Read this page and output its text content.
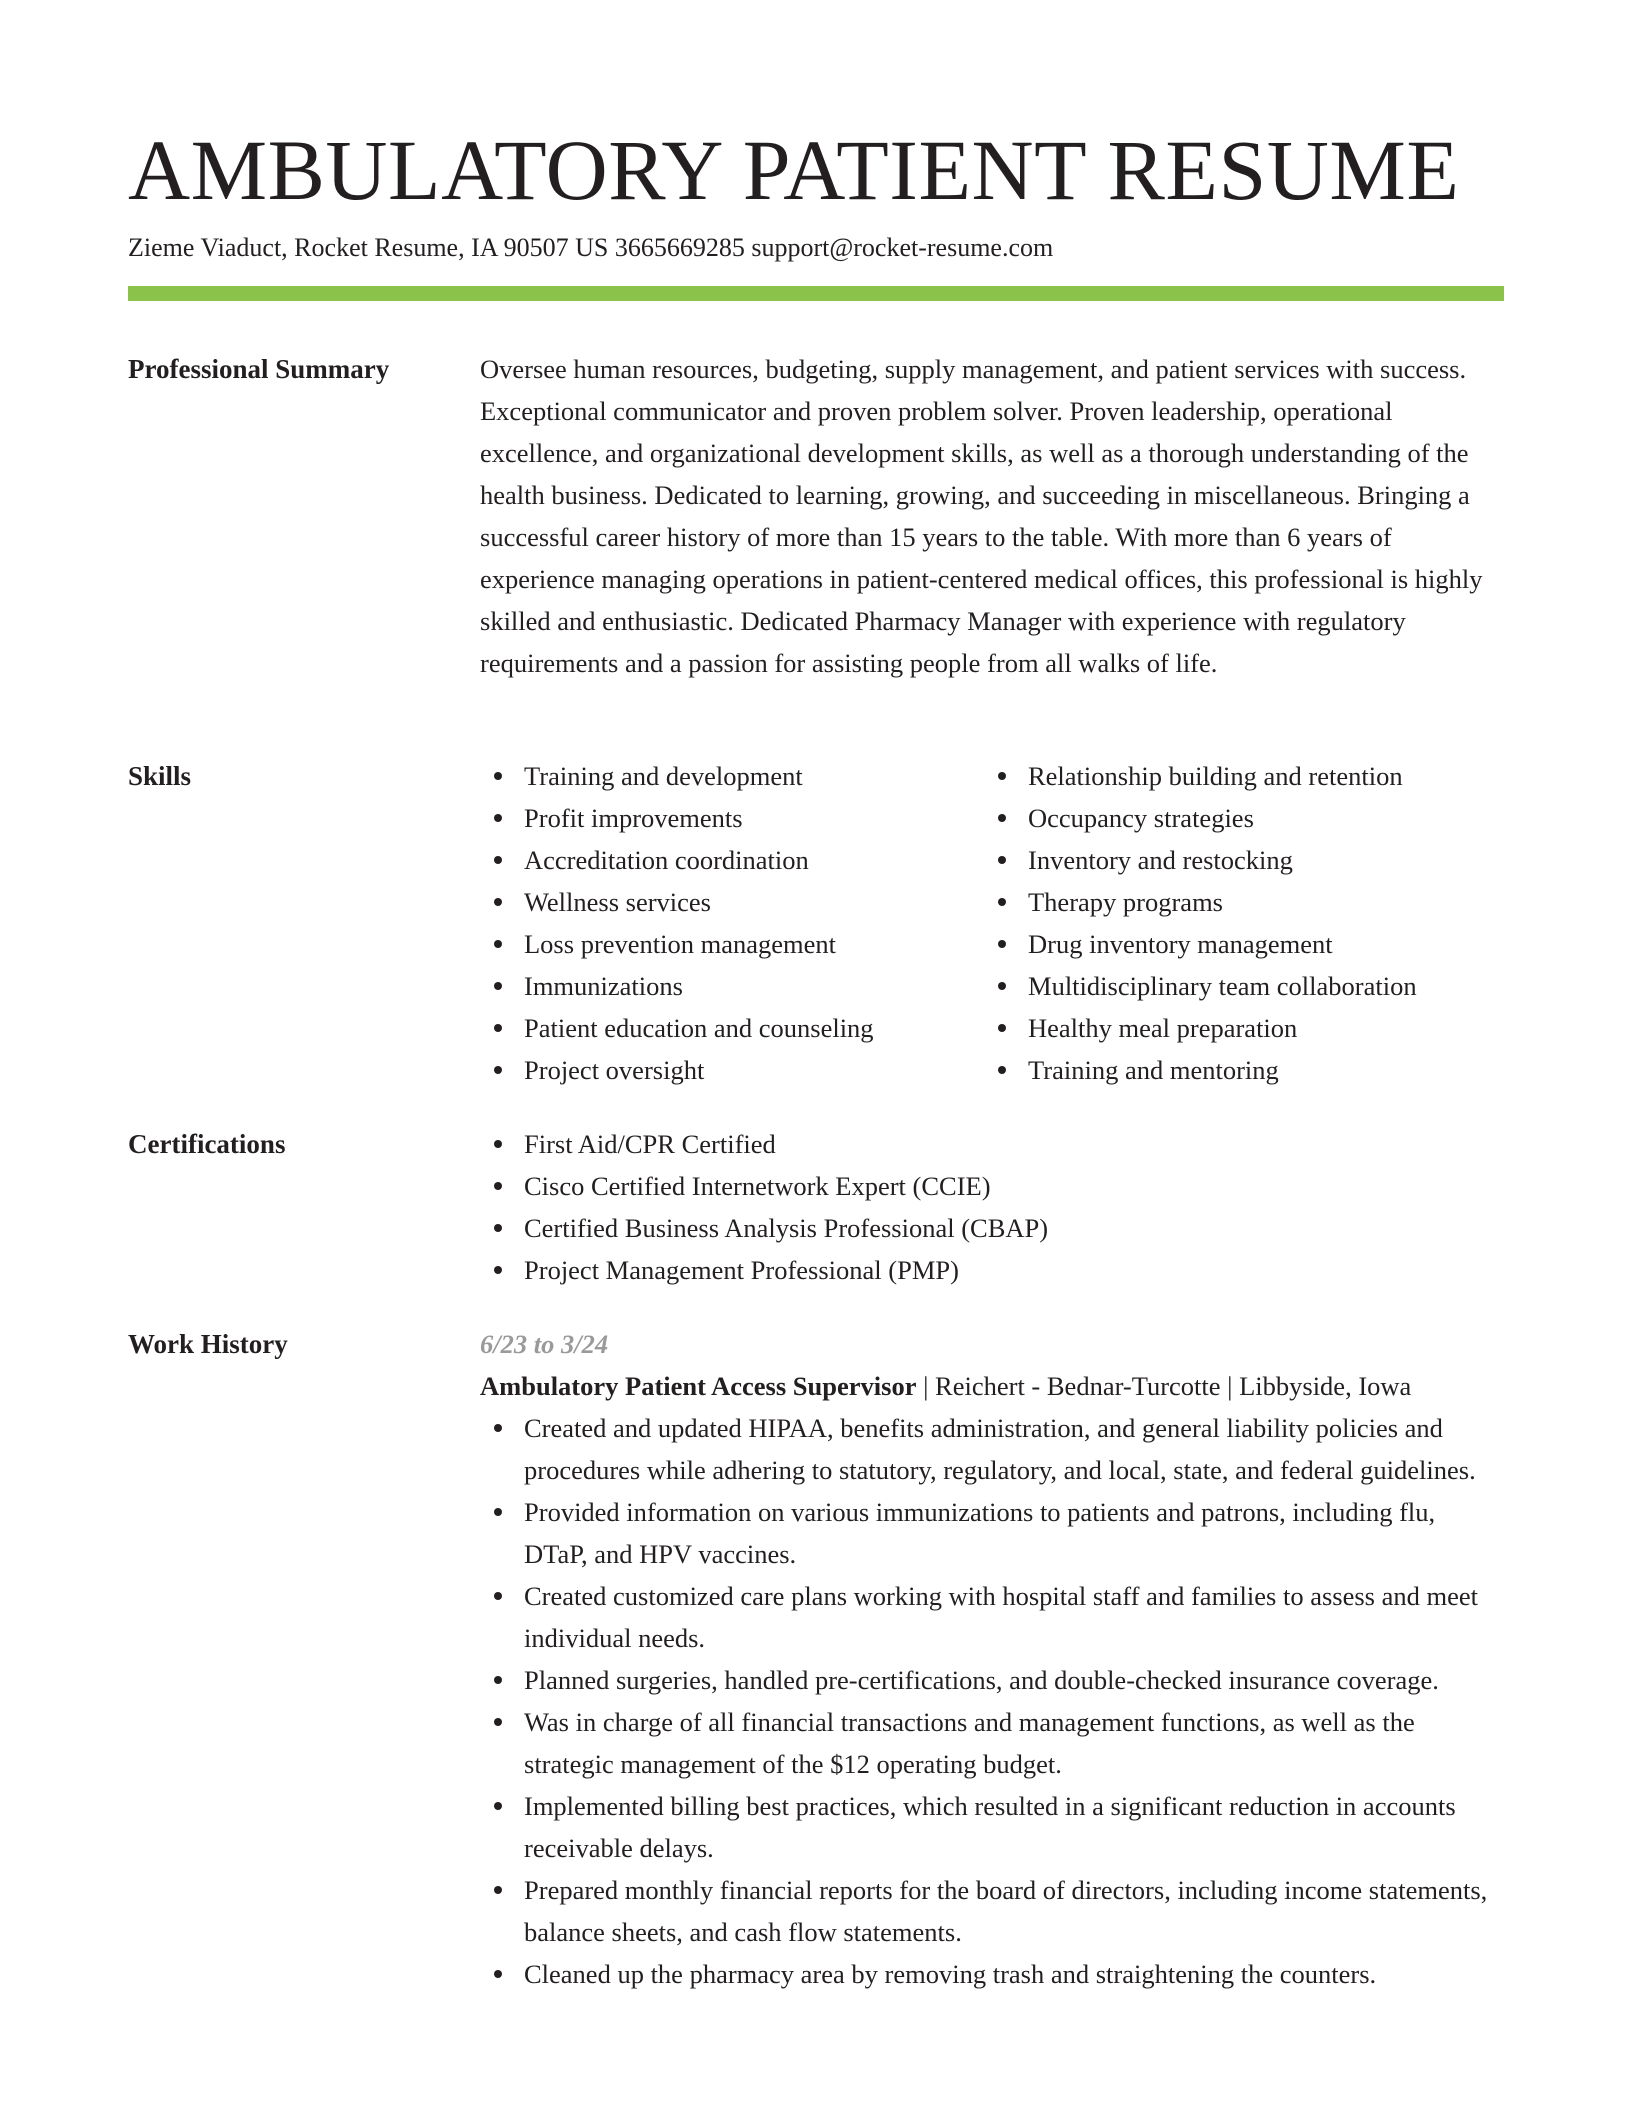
AMBULATORY PATIENT RESUME
Zieme Viaduct, Rocket Resume, IA 90507 US 3665669285 support@rocket-resume.com
Professional Summary	Oversee human resources, budgeting, supply management, and patient services with success. Exceptional communicator and proven problem solver. Proven leadership, operational excellence, and organizational development skills, as well as a thorough understanding of the health business. Dedicated to learning, growing, and succeeding in miscellaneous. Bringing a successful career history of more than 15 years to the table. With more than 6 years of experience managing operations in patient-centered medical offices, this professional is highly skilled and enthusiastic. Dedicated Pharmacy Manager with experience with regulatory requirements and a passion for assisting people from all walks of life.

Skills	Training and development
Profit improvements
Accreditation coordination
Wellness services
Loss prevention management
Immunizations
Patient education and counseling
Project oversight
Relationship building and retention
Occupancy strategies
Inventory and restocking
Therapy programs
Drug inventory management
Multidisciplinary team collaboration
Healthy meal preparation
Training and mentoring
Certifications	First Aid/CPR Certified
Cisco Certified Internetwork Expert (CCIE)
Certified Business Analysis Professional (CBAP)
Project Management Professional (PMP)
Work History	6/23 to 3/24
Ambulatory Patient Access Supervisor | Reichert - Bednar-Turcotte | Libbyside, Iowa
Created and updated HIPAA, benefits administration, and general liability policies and procedures while adhering to statutory, regulatory, and local, state, and federal guidelines.
Provided information on various immunizations to patients and patrons, including flu, DTaP, and HPV vaccines.
Created customized care plans working with hospital staff and families to assess and meet individual needs.
Planned surgeries, handled pre-certifications, and double-checked insurance coverage.
Was in charge of all financial transactions and management functions, as well as the strategic management of the $12 operating budget.
Implemented billing best practices, which resulted in a significant reduction in accounts receivable delays.
Prepared monthly financial reports for the board of directors, including income statements, balance sheets, and cash flow statements.
Cleaned up the pharmacy area by removing trash and straightening the counters.
